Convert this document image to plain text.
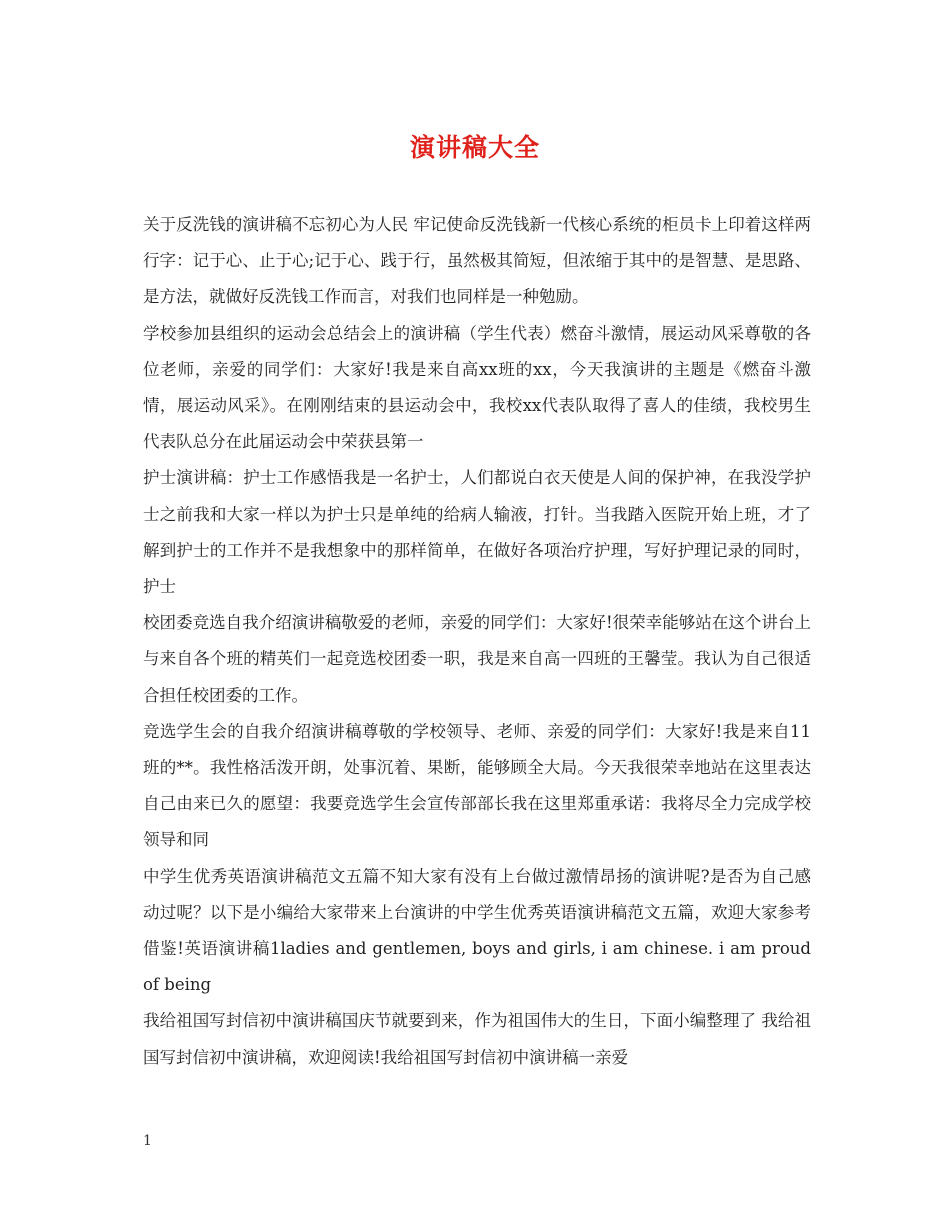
演讲稿大全

关于反洗钱的演讲稿不忘初心为人民 牢记使命反洗钱新一代核心系统的柜员卡上印着这样两行字：记于心、止于心;记于心、践于行，虽然极其简短，但浓缩于其中的是智慧、是思路、是方法，就做好反洗钱工作而言，对我们也同样是一种勉励。

学校参加县组织的运动会总结会上的演讲稿（学生代表）燃奋斗激情，展运动风采尊敬的各位老师，亲爱的同学们：大家好!我是来自高xx班的xx，今天我演讲的主题是《燃奋斗激情，展运动风采》。在刚刚结束的县运动会中，我校xx代表队取得了喜人的佳绩，我校男生代表队总分在此届运动会中荣获县第一

护士演讲稿：护士工作感悟我是一名护士，人们都说白衣天使是人间的保护神，在我没学护士之前我和大家一样以为护士只是单纯的给病人输液，打针。当我踏入医院开始上班，才了解到护士的工作并不是我想象中的那样简单，在做好各项治疗护理，写好护理记录的同时，护士

校团委竞选自我介绍演讲稿敬爱的老师，亲爱的同学们：大家好!很荣幸能够站在这个讲台上与来自各个班的精英们一起竞选校团委一职，我是来自高一四班的王馨莹。我认为自己很适合担任校团委的工作。

竞选学生会的自我介绍演讲稿尊敬的学校领导、老师、亲爱的同学们：大家好!我是来自11班的**。我性格活泼开朗，处事沉着、果断，能够顾全大局。今天我很荣幸地站在这里表达自己由来已久的愿望：我要竞选学生会宣传部部长我在这里郑重承诺：我将尽全力完成学校领导和同

中学生优秀英语演讲稿范文五篇不知大家有没有上台做过激情昂扬的演讲呢?是否为自己感动过呢？以下是小编给大家带来上台演讲的中学生优秀英语演讲稿范文五篇，欢迎大家参考借鉴!英语演讲稿1ladies and gentlemen, boys and girls, i am chinese. i am proud of being

我给祖国写封信初中演讲稿国庆节就要到来，作为祖国伟大的生日，下面小编整理了 我给祖国写封信初中演讲稿，欢迎阅读!我给祖国写封信初中演讲稿一亲爱

1
